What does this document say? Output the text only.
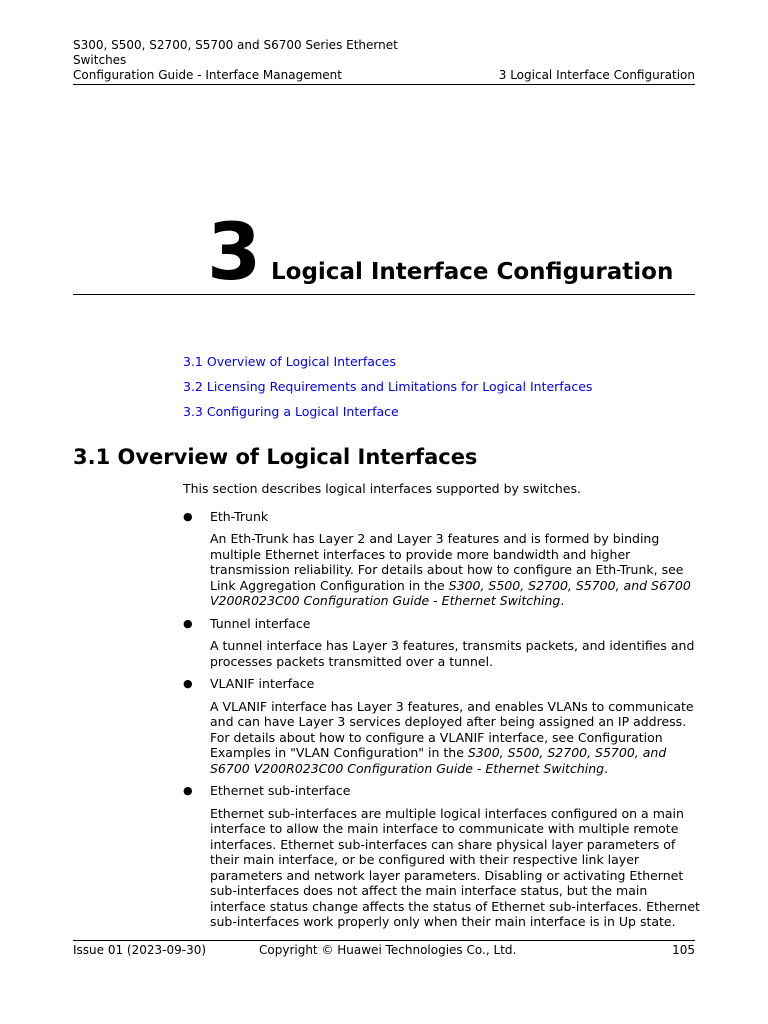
S300, S500, S2700, S5700 and S6700 Series Ethernet
Switches
Configuration Guide - Interface Management	3 Logical Interface Configuration
3 Logical Interface Configuration
3.1 Overview of Logical Interfaces
3.2 Licensing Requirements and Limitations for Logical Interfaces
3.3 Configuring a Logical Interface
3.1 Overview of Logical Interfaces

This section describes logical interfaces supported by switches.

● Eth-Trunk

An Eth-Trunk has Layer 2 and Layer 3 features and is formed by binding multiple Ethernet interfaces to provide more bandwidth and higher transmission reliability. For details about how to configure an Eth-Trunk, see Link Aggregation Configuration in the S300, S500, S2700, S5700, and S6700 V200R023C00 Configuration Guide - Ethernet Switching.

● Tunnel interface

A tunnel interface has Layer 3 features, transmits packets, and identifies and processes packets transmitted over a tunnel.

● VLANIF interface

A VLANIF interface has Layer 3 features, and enables VLANs to communicate and can have Layer 3 services deployed after being assigned an IP address. For details about how to configure a VLANIF interface, see Configuration Examples in "VLAN Configuration" in the S300, S500, S2700, S5700, and S6700 V200R023C00 Configuration Guide - Ethernet Switching.

● Ethernet sub-interface

Ethernet sub-interfaces are multiple logical interfaces configured on a main interface to allow the main interface to communicate with multiple remote interfaces. Ethernet sub-interfaces can share physical layer parameters of their main interface, or be configured with their respective link layer parameters and network layer parameters. Disabling or activating Ethernet sub-interfaces does not affect the main interface status, but the main interface status change affects the status of Ethernet sub-interfaces. Ethernet sub-interfaces work properly only when their main interface is in Up state.

Issue 01 (2023-09-30)	Copyright © Huawei Technologies Co., Ltd.	105
